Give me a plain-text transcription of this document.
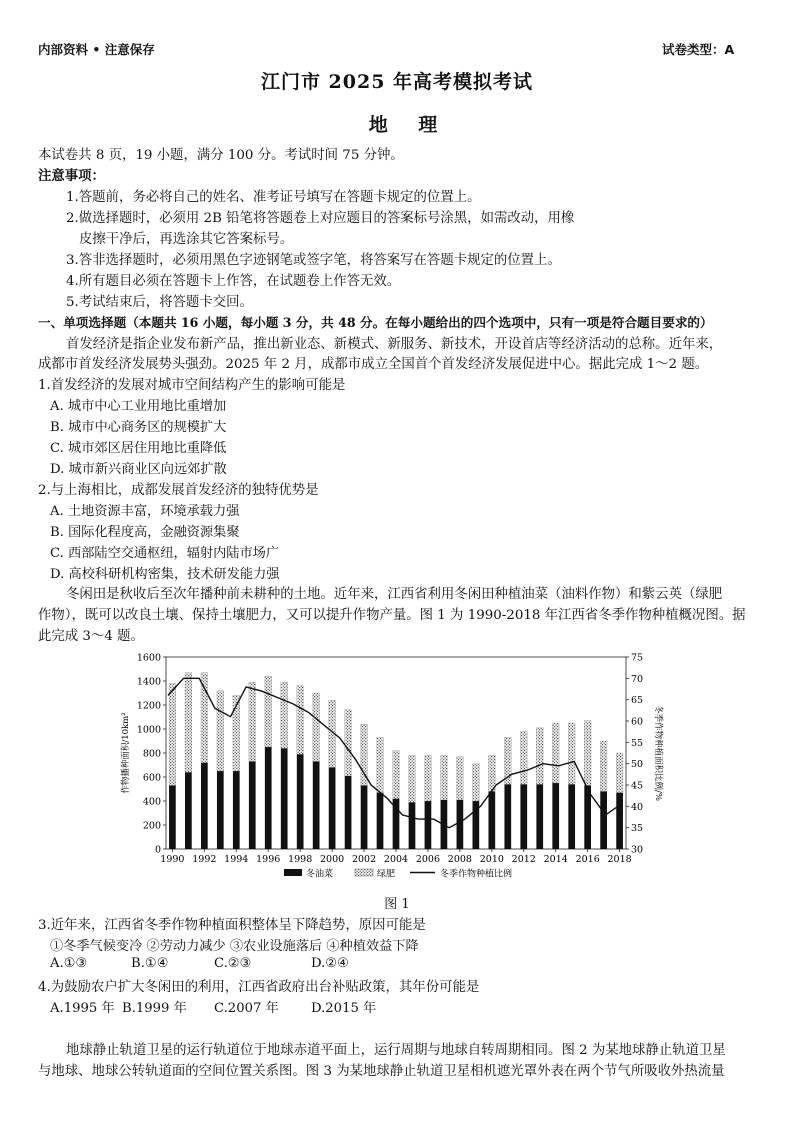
内部资料 • 注意保存	试卷类型：A
江门市 2025 年高考模拟考试
地 理
本试卷共 8 页，19 小题，满分 100 分。考试时间 75 分钟。
注意事项：
1.答题前，务必将自己的姓名、准考证号填写在答题卡规定的位置上。
2.做选择题时，必须用 2B 铅笔将答题卷上对应题目的答案标号涂黑，如需改动，用橡
皮擦干净后，再选涂其它答案标号。
3.答非选择题时，必须用黑色字迹钢笔或签字笔，将答案写在答题卡规定的位置上。
4.所有题目必须在答题卡上作答，在试题卷上作答无效。
5.考试结束后，将答题卡交回。
一、单项选择题（本题共 16 小题，每小题 3 分，共 48 分。在每小题给出的四个选项中，只有一项是符合题目要求的）
首发经济是指企业发布新产品，推出新业态、新模式、新服务、新技术，开设首店等经济活动的总称。近年来，
成都市首发经济发展势头强劲。2025 年 2 月，成都市成立全国首个首发经济发展促进中心。据此完成 1～2 题。
1.首发经济的发展对城市空间结构产生的影响可能是
A. 城市中心工业用地比重增加
B. 城市中心商务区的规模扩大
C. 城市郊区居住用地比重降低
D. 城市新兴商业区向远郊扩散
2.与上海相比，成都发展首发经济的独特优势是
A. 土地资源丰富，环境承载力强
B. 国际化程度高，金融资源集聚
C. 西部陆空交通枢纽，辐射内陆市场广
D. 高校科研机构密集，技术研发能力强
冬闲田是秋收后至次年播种前未耕种的土地。近年来，江西省利用冬闲田种植油菜（油料作物）和紫云英（绿肥
作物），既可以改良土壤、保持土壤肥力，又可以提升作物产量。图 1 为 1990-2018 年江西省冬季作物种植概况图。据
此完成 3～4 题。
0
200
400
600
800
1000
1200
1400
1600
30
35
40
45
50
55
60
65
70
75
1990 1992 1994 1996 1998 2000 2002 2004 2006 2008 2010 2012 2014 2016 2018
作物播种面积/10km²	冬季作物种植面积比例/%
冬油菜	绿肥	冬季作物种植比例
图 1
3.近年来，江西省冬季作物种植面积整体呈下降趋势，原因可能是
①冬季气候变冷 ②劳动力减少 ③农业设施落后 ④种植效益下降
A.①③	B.①④	C.②③	D.②④
4.为鼓励农户扩大冬闲田的利用，江西省政府出台补贴政策，其年份可能是
A.1995 年 B.1999 年 C.2007 年 D.2015 年
地球静止轨道卫星的运行轨道位于地球赤道平面上，运行周期与地球自转周期相同。图 2 为某地球静止轨道卫星
与地球、地球公转轨道面的空间位置关系图。图 3 为某地球静止轨道卫星相机遮光罩外表在两个节气所吸收外热流量
